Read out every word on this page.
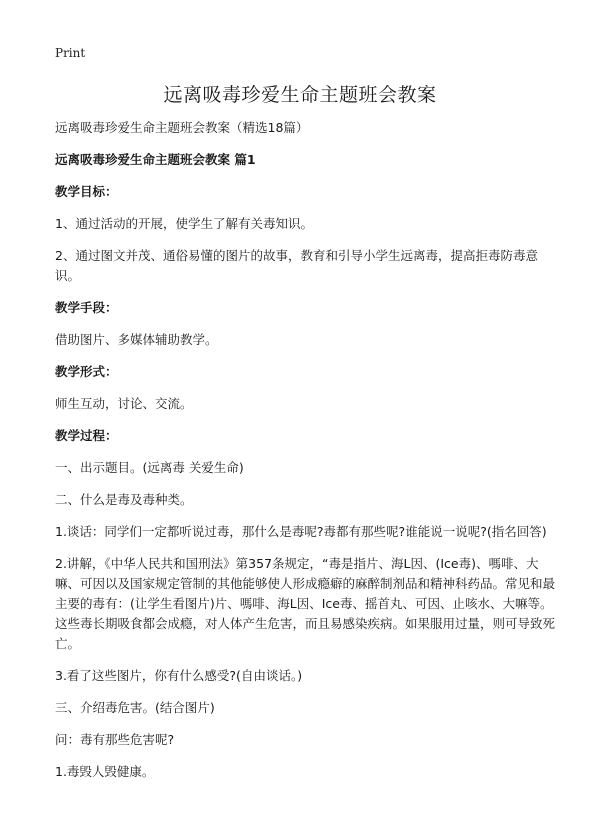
Print
远离吸毒珍爱生命主题班会教案

远离吸毒珍爱生命主题班会教案（精选18篇）

远离吸毒珍爱生命主题班会教案 篇1

教学目标：

1、通过活动的开展，使学生了解有关毒知识。

2、通过图文并茂、通俗易懂的图片的故事，教育和引导小学生远离毒，提高拒毒防毒意识。

教学手段：

借助图片、多媒体辅助教学。

教学形式：

师生互动，讨论、交流。

教学过程：

一、出示题目。(远离毒 关爱生命)

二、什么是毒及毒种类。

1.谈话：同学们一定都听说过毒，那什么是毒呢?毒都有那些呢?谁能说一说呢?(指名回答)

2.讲解，《中华人民共和国刑法》第357条规定，“毒是指片、海L因、(Ice毒)、嗎啡、大嘛、可因以及国家规定管制的其他能够使人形成瘾癖的麻醉制剂品和精神科药品。常见和最主要的毒有：(让学生看图片)片、嗎啡、海L因、Ice毒、摇首丸、可因、止咳水、大嘛等。这些毒长期吸食都会成瘾，对人体产生危害，而且易感染疾病。如果服用过量，则可导致死亡。

3.看了这些图片，你有什么感受?(自由谈话。)

三、介绍毒危害。(结合图片)

问：毒有那些危害呢?

1.毒毁人毁健康。
